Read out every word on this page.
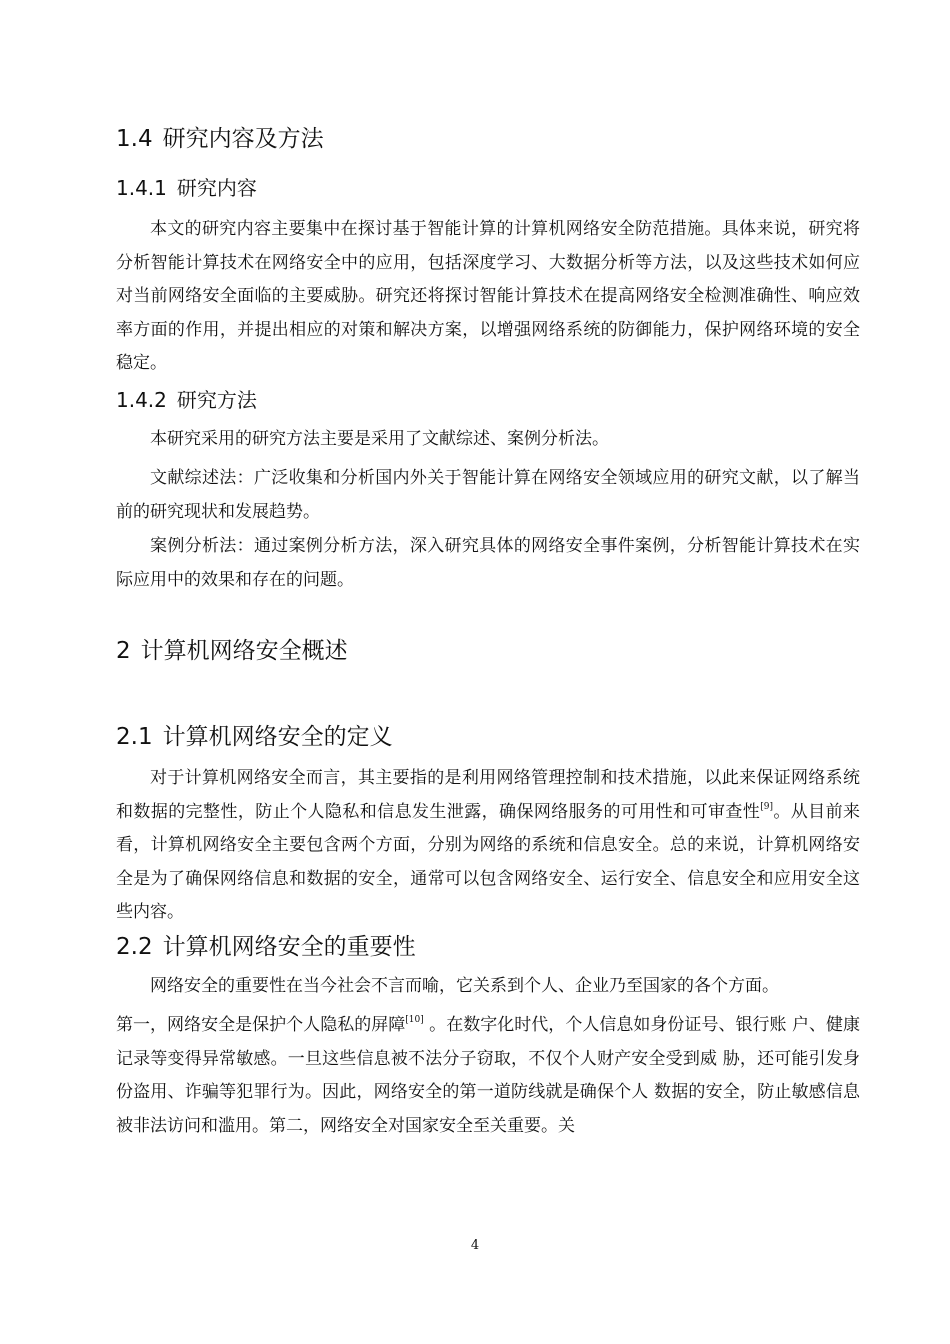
1.4 研究内容及方法
1.4.1 研究内容
本文的研究内容主要集中在探讨基于智能计算的计算机网络安全防范措施。具体来说，研究将分析智能计算技术在网络安全中的应用，包括深度学习、大数据分析等方法，以及这些技术如何应对当前网络安全面临的主要威胁。研究还将探讨智能计算技术在提高网络安全检测准确性、响应效率方面的作用，并提出相应的对策和解决方案，以增强网络系统的防御能力，保护网络环境的安全稳定。
1.4.2 研究方法
本研究采用的研究方法主要是采用了文献综述、案例分析法。
文献综述法：广泛收集和分析国内外关于智能计算在网络安全领域应用的研究文献，以了解当前的研究现状和发展趋势。
案例分析法：通过案例分析方法，深入研究具体的网络安全事件案例，分析智能计算技术在实际应用中的效果和存在的问题。
2 计算机网络安全概述
2.1 计算机网络安全的定义
对于计算机网络安全而言，其主要指的是利用网络管理控制和技术措施，以此来保证网络系统和数据的完整性，防止个人隐私和信息发生泄露，确保网络服务的可用性和可审查性[9]。从目前来看，计算机网络安全主要包含两个方面，分别为网络的系统和信息安全。总的来说，计算机网络安全是为了确保网络信息和数据的安全，通常可以包含网络安全、运行安全、信息安全和应用安全这些内容。
2.2 计算机网络安全的重要性
网络安全的重要性在当今社会不言而喻，它关系到个人、企业乃至国家的各个方面。
第一，网络安全是保护个人隐私的屏障[10] 。在数字化时代，个人信息如身份证号、银行账 户、健康记录等变得异常敏感。一旦这些信息被不法分子窃取，不仅个人财产安全受到威 胁，还可能引发身份盗用、诈骗等犯罪行为。因此，网络安全的第一道防线就是确保个人 数据的安全，防止敏感信息被非法访问和滥用。第二，网络安全对国家安全至关重要。关
4
